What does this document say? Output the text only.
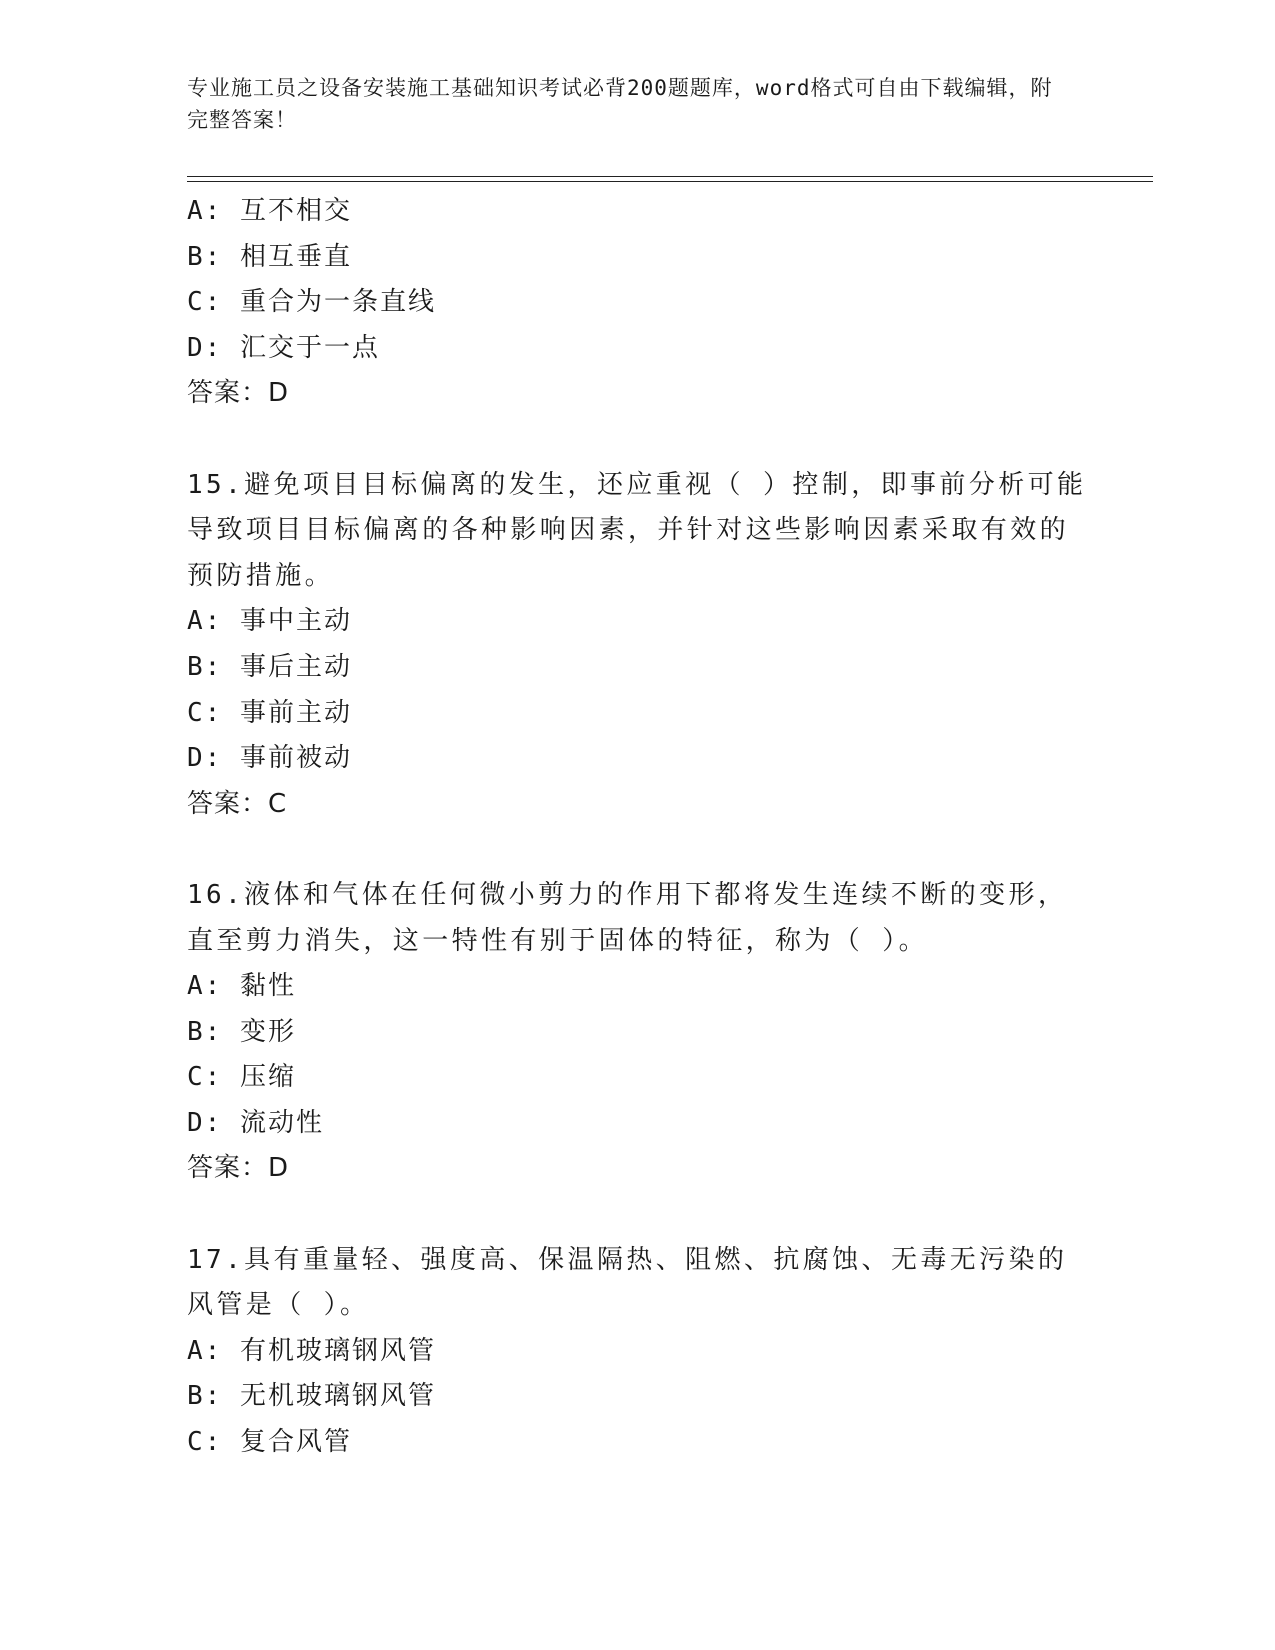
专业施工员之设备安装施工基础知识考试必背200题题库，word格式可自由下载编辑，附完整答案！
A: 互不相交
B: 相互垂直
C: 重合为一条直线
D: 汇交于一点
答案：D
15.避免项目目标偏离的发生，还应重视（ ）控制，即事前分析可能导致项目目标偏离的各种影响因素，并针对这些影响因素采取有效的预防措施。
A: 事中主动
B: 事后主动
C: 事前主动
D: 事前被动
答案：C
16.液体和气体在任何微小剪力的作用下都将发生连续不断的变形，直至剪力消失，这一特性有别于固体的特征，称为（ ）。
A: 黏性
B: 变形
C: 压缩
D: 流动性
答案：D
17.具有重量轻、强度高、保温隔热、阻燃、抗腐蚀、无毒无污染的风管是（ ）。
A: 有机玻璃钢风管
B: 无机玻璃钢风管
C: 复合风管
